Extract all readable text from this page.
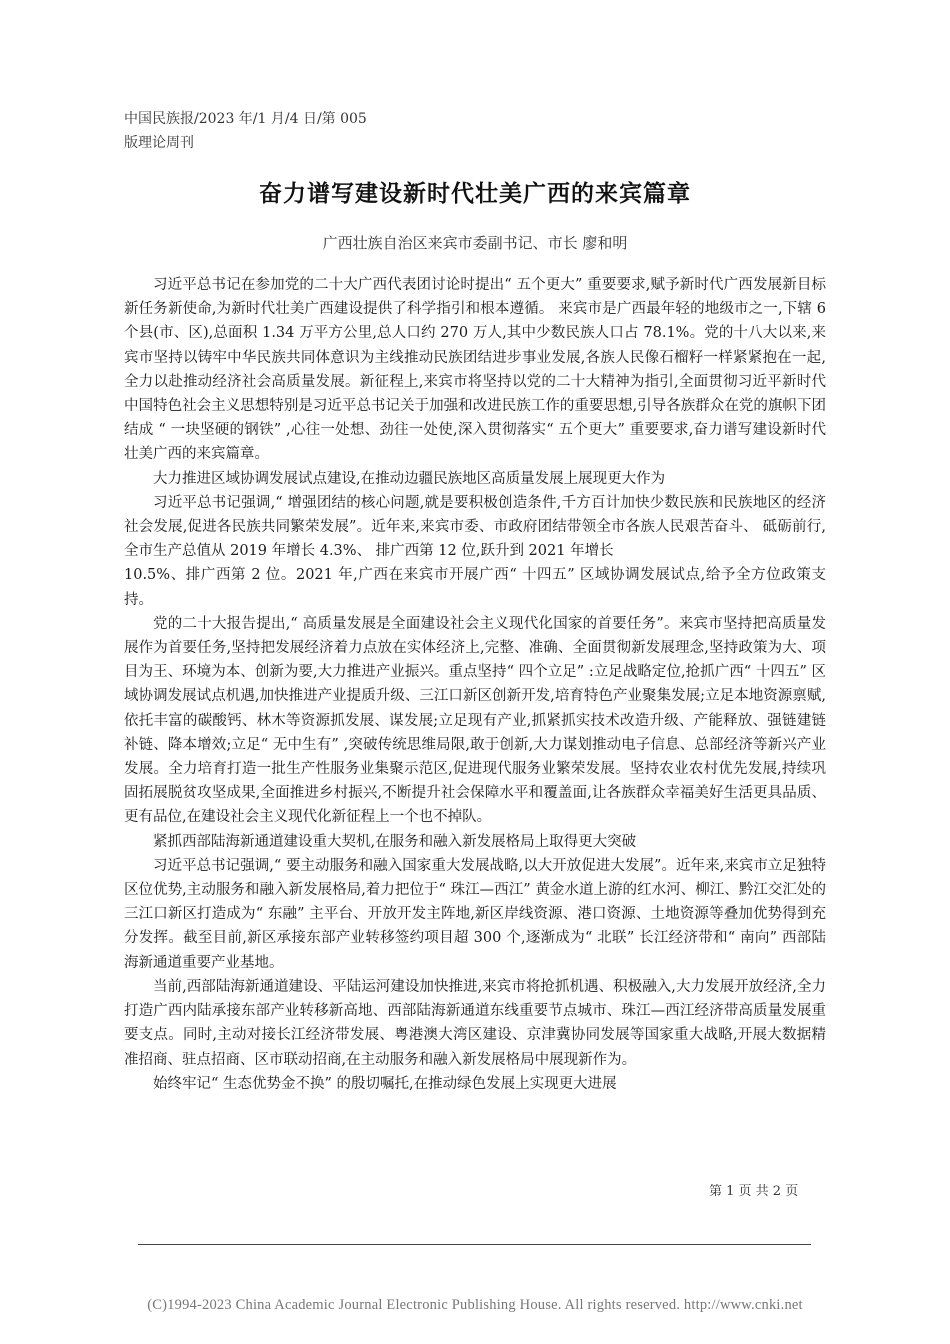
中国民族报/2023 年/1 月/4 日/第 005
版理论周刊
奋力谱写建设新时代壮美广西的来宾篇章
广西壮族自治区来宾市委副书记、市长 廖和明

习近平总书记在参加党的二十大广西代表团讨论时提出“ 五个更大” 重要要求,赋予新时代广西发展新目标新任务新使命,为新时代壮美广西建设提供了科学指引和根本遵循。 来宾市是广西最年轻的地级市之一,下辖 6 个县(市、区),总面积 1.34 万平方公里,总人口约 270 万人,其中少数民族人口占 78.1%。党的十八大以来,来宾市坚持以铸牢中华民族共同体意识为主线推动民族团结进步事业发展,各族人民像石榴籽一样紧紧抱在一起,全力以赴推动经济社会高质量发展。新征程上,来宾市将坚持以党的二十大精神为指引,全面贯彻习近平新时代中国特色社会主义思想特别是习近平总书记关于加强和改进民族工作的重要思想,引导各族群众在党的旗帜下团结成 “ 一块坚硬的钢铁” ,心往一处想、劲往一处使,深入贯彻落实“ 五个更大” 重要要求,奋力谱写建设新时代壮美广西的来宾篇章。

大力推进区域协调发展试点建设,在推动边疆民族地区高质量发展上展现更大作为

习近平总书记强调,“ 增强团结的核心问题,就是要积极创造条件,千方百计加快少数民族和民族地区的经济社会发展,促进各民族共同繁荣发展”。近年来,来宾市委、市政府团结带领全市各族人民艰苦奋斗、 砥砺前行,全市生产总值从 2019 年增长 4.3%、 排广西第 12 位,跃升到 2021 年增长

10.5%、排广西第 2 位。2021 年,广西在来宾市开展广西“ 十四五” 区域协调发展试点,给予全方位政策支持。

党的二十大报告提出,“ 高质量发展是全面建设社会主义现代化国家的首要任务”。来宾市坚持把高质量发展作为首要任务,坚持把发展经济着力点放在实体经济上,完整、准确、全面贯彻新发展理念,坚持政策为大、项目为王、环境为本、创新为要,大力推进产业振兴。重点坚持“ 四个立足” :立足战略定位,抢抓广西“ 十四五” 区域协调发展试点机遇,加快推进产业提质升级、三江口新区创新开发,培育特色产业聚集发展;立足本地资源禀赋,依托丰富的碳酸钙、林木等资源抓发展、谋发展;立足现有产业,抓紧抓实技术改造升级、产能释放、强链建链补链、降本增效;立足“ 无中生有” ,突破传统思维局限,敢于创新,大力谋划推动电子信息、总部经济等新兴产业发展。全力培育打造一批生产性服务业集聚示范区,促进现代服务业繁荣发展。坚持农业农村优先发展,持续巩固拓展脱贫攻坚成果,全面推进乡村振兴,不断提升社会保障水平和覆盖面,让各族群众幸福美好生活更具品质、更有品位,在建设社会主义现代化新征程上一个也不掉队。

紧抓西部陆海新通道建设重大契机,在服务和融入新发展格局上取得更大突破

习近平总书记强调,“ 要主动服务和融入国家重大发展战略,以大开放促进大发展”。近年来,来宾市立足独特区位优势,主动服务和融入新发展格局,着力把位于“ 珠江—西江” 黄金水道上游的红水河、柳江、黔江交汇处的三江口新区打造成为“ 东融” 主平台、开放开发主阵地,新区岸线资源、港口资源、土地资源等叠加优势得到充分发挥。截至目前,新区承接东部产业转移签约项目超 300 个,逐渐成为“ 北联” 长江经济带和“ 南向” 西部陆海新通道重要产业基地。

当前,西部陆海新通道建设、平陆运河建设加快推进,来宾市将抢抓机遇、积极融入,大力发展开放经济,全力打造广西内陆承接东部产业转移新高地、西部陆海新通道东线重要节点城市、珠江—西江经济带高质量发展重要支点。同时,主动对接长江经济带发展、粤港澳大湾区建设、京津冀协同发展等国家重大战略,开展大数据精准招商、驻点招商、区市联动招商,在主动服务和融入新发展格局中展现新作为。

始终牢记“ 生态优势金不换” 的殷切嘱托,在推动绿色发展上实现更大进展

第 1 页 共 2 页
(C)1994-2023 China Academic Journal Electronic Publishing House. All rights reserved. http://www.cnki.net
